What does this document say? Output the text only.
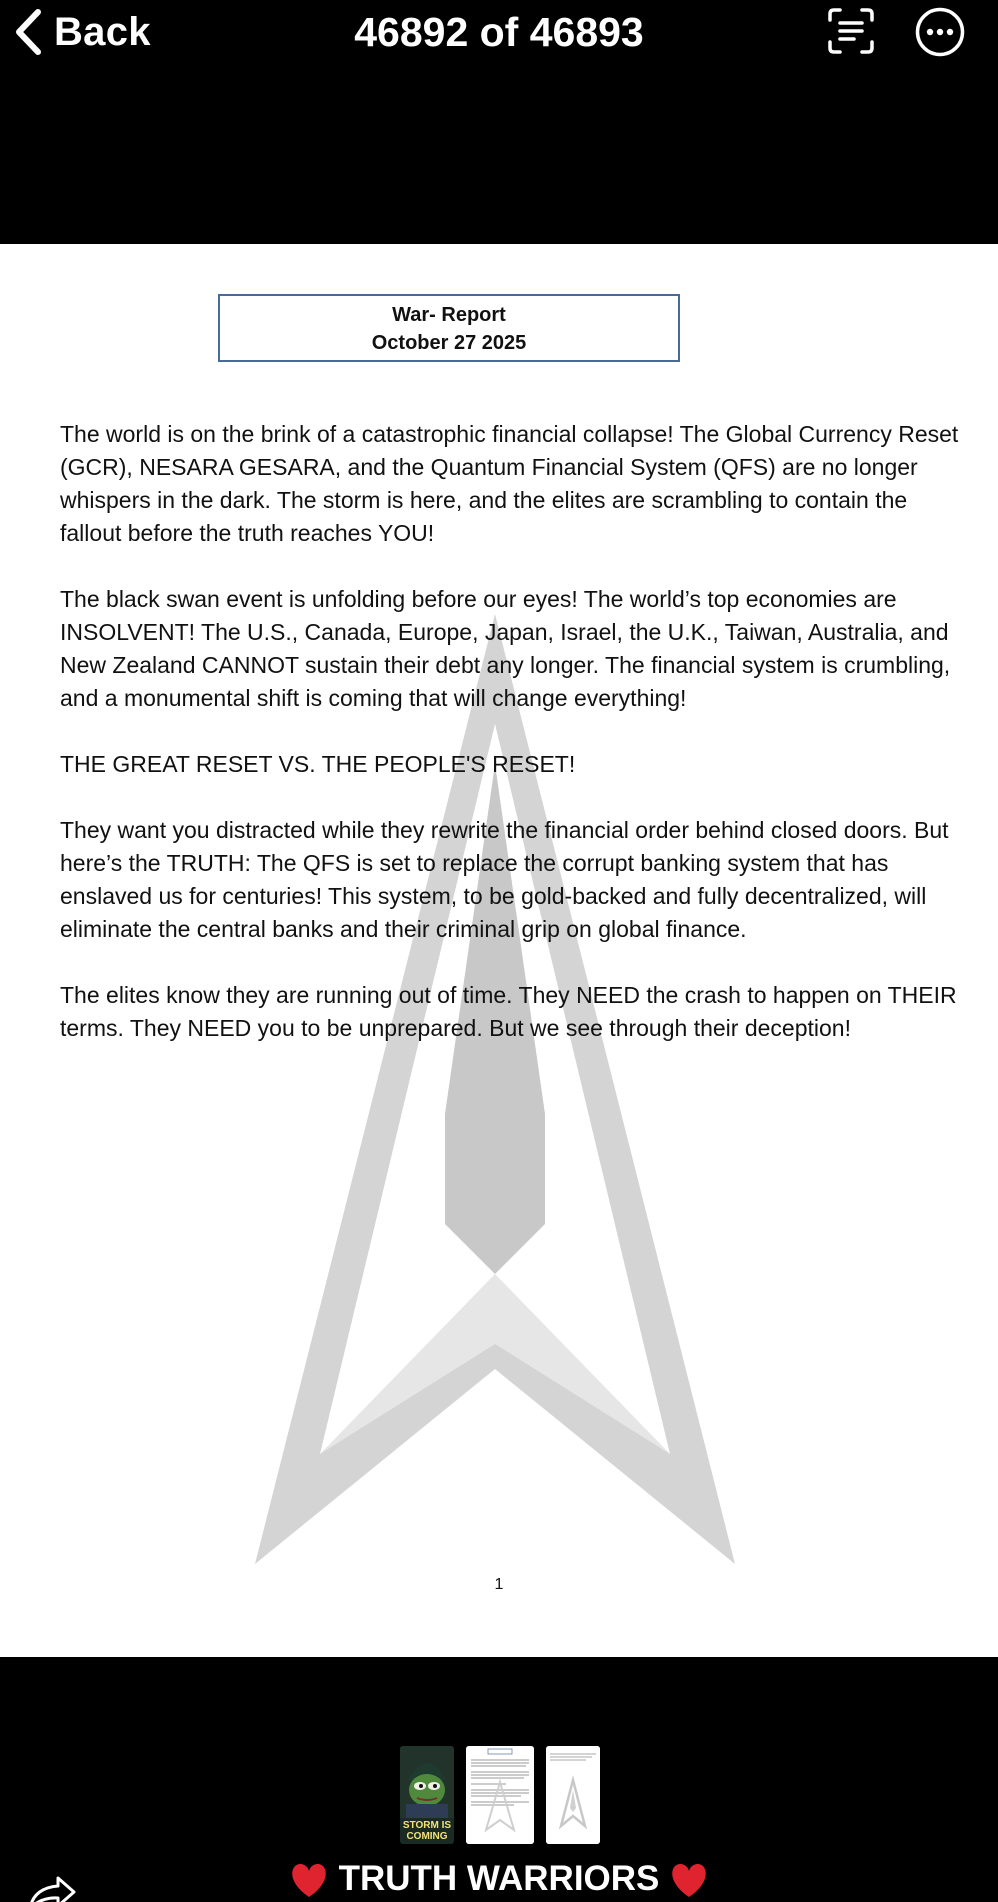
Back	46892 of 46893
War- Report
October 27 2025

The world is on the brink of a catastrophic financial collapse! The Global Currency Reset (GCR), NESARA GESARA, and the Quantum Financial System (QFS) are no longer whispers in the dark. The storm is here, and the elites are scrambling to contain the fallout before the truth reaches YOU!

The black swan event is unfolding before our eyes! The world’s top economies are INSOLVENT! The U.S., Canada, Europe, Japan, Israel, the U.K., Taiwan, Australia, and New Zealand CANNOT sustain their debt any longer. The financial system is crumbling, and a monumental shift is coming that will change everything!

THE GREAT RESET VS. THE PEOPLE'S RESET!

They want you distracted while they rewrite the financial order behind closed doors. But here’s the TRUTH: The QFS is set to replace the corrupt banking system that has enslaved us for centuries! This system, to be gold-backed and fully decentralized, will eliminate the central banks and their criminal grip on global finance.

The elites know they are running out of time. They NEED the crash to happen on THEIR terms. They NEED you to be unprepared. But we see through their deception!

1
STORM IS
COMING
TRUTH WARRIORS
